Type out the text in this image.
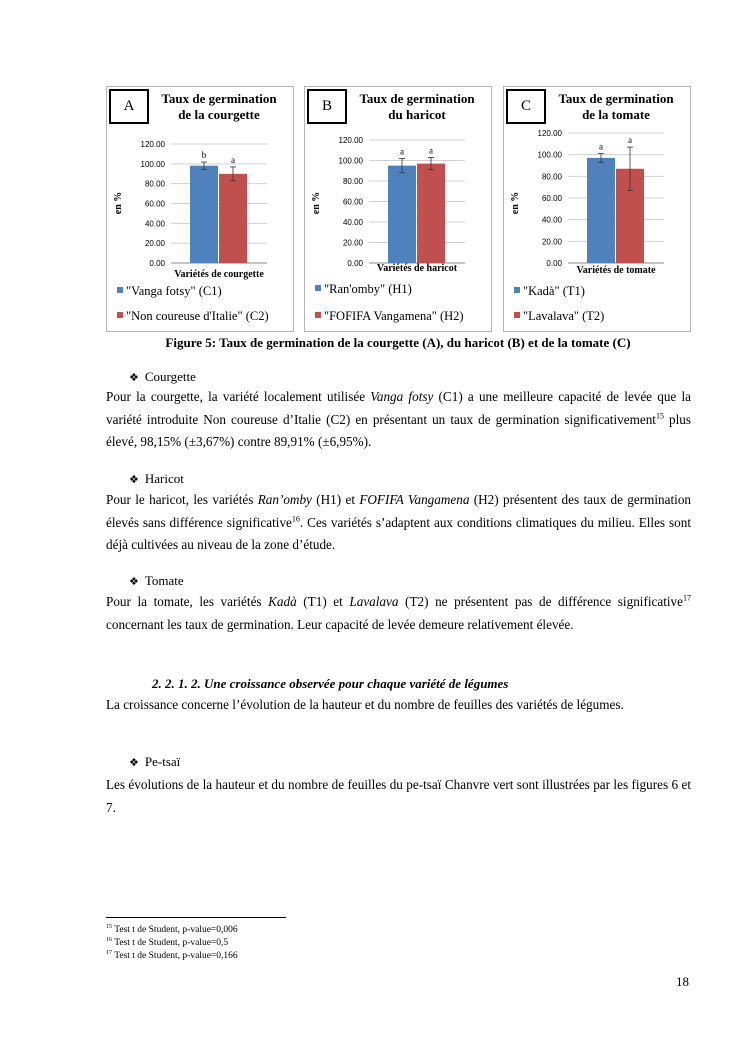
A	Taux de germination
de la courgette
0.00
20.00
40.00
60.00
80.00
100.00
120.00
b	a
Variétés de courgette
en %
"Vanga fotsy" (C1)
"Non coureuse d'Italie" (C2)
B	Taux de germination
du haricot
0.00
20.00
40.00
60.00
80.00
100.00
120.00
a	a
Variétés de haricot
en %
"Ran'omby" (H1)
"FOFIFA Vangamena" (H2)
C	Taux de germination
de la tomate
0.00
20.00
40.00
60.00
80.00
100.00
120.00
a
a
Variétés de tomate
en %
"Kadà" (T1)
"Lavalava" (T2)
Figure 5: Taux de germination de la courgette (A), du haricot (B) et de la tomate (C)
❖ Courgette
Pour la courgette, la variété localement utilisée Vanga fotsy (C1) a une meilleure capacité de levée que la variété introduite Non coureuse d’Italie (C2) en présentant un taux de germination significativement$^{15}$ plus élevé, 98,15% (±3,67%) contre 89,91% (±6,95%).
❖ Haricot
Pour le haricot, les variétés Ran’omby (H1) et FOFIFA Vangamena (H2) présentent des taux de germination élevés sans différence significative$^{16}$. Ces variétés s’adaptent aux conditions climatiques du milieu. Elles sont déjà cultivées au niveau de la zone d’étude.
❖ Tomate
Pour la tomate, les variétés Kadà (T1) et Lavalava (T2) ne présentent pas de différence significative$^{17}$ concernant les taux de germination. Leur capacité de levée demeure relativement élevée.
2. 2. 1. 2. Une croissance observée pour chaque variété de légumes
La croissance concerne l’évolution de la hauteur et du nombre de feuilles des variétés de légumes.
❖ Pe-tsaï
Les évolutions de la hauteur et du nombre de feuilles du pe-tsaï Chanvre vert sont illustrées par les figures 6 et 7.
$^{15}$ Test t de Student, p-value=0,006
$^{16}$ Test t de Student, p-value=0,5
$^{17}$ Test t de Student, p-value=0,166
18
